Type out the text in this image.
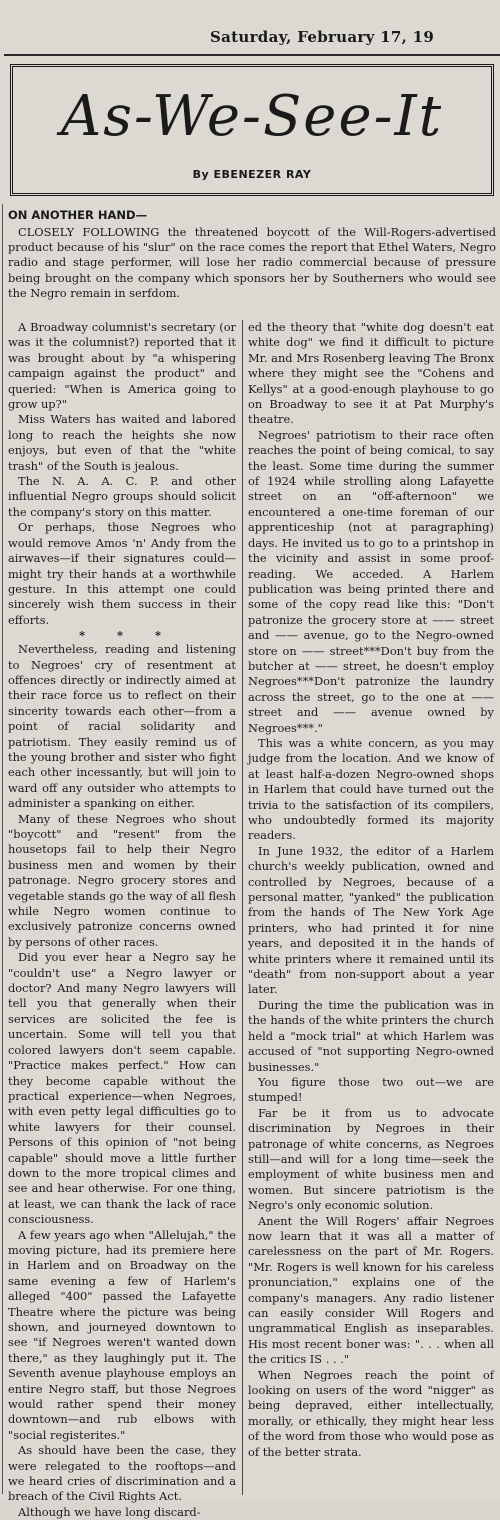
Saturday, February 17, 19
As-We-See-It
By EBENEZER RAY
ON ANOTHER HAND—
CLOSELY FOLLOWING the threatened boycott of the Will-Rogers-advertised product because of his "slur" on the race comes the report that Ethel Waters, Negro radio and stage performer, will lose her radio commercial because of pressure being brought on the company which sponsors her by Southerners who would see the Negro remain in serfdom.

A Broadway columnist's secretary (or was it the columnist?) reported that it was brought about by "a whispering campaign against the product" and queried: "When is America going to grow up?"

Miss Waters has waited and labored long to reach the heights she now enjoys, but even of that the "white trash" of the South is jealous.

The N. A. A. C. P. and other influential Negro groups should solicit the company's story on this matter.

Or perhaps, those Negroes who would remove Amos 'n' Andy from the airwaves—if their signatures could—might try their hands at a worthwhile gesture. In this attempt one could sincerely wish them success in their efforts.

* * *

Nevertheless, reading and listening to Negroes' cry of resentment at offences directly or indirectly aimed at their race force us to reflect on their sincerity towards each other—from a point of racial solidarity and patriotism. They easily remind us of the young brother and sister who fight each other incessantly, but will join to ward off any outsider who attempts to administer a spanking on either.

Many of these Negroes who shout "boycott" and "resent" from the housetops fail to help their Negro business men and women by their patronage. Negro grocery stores and vegetable stands go the way of all flesh while Negro women continue to exclusively patronize concerns owned by persons of other races.

Did you ever hear a Negro say he "couldn't use" a Negro lawyer or doctor? And many Negro lawyers will tell you that generally when their services are solicited the fee is uncertain. Some will tell you that colored lawyers don't seem capable. "Practice makes perfect." How can they become capable without the practical experience—when Negroes, with even petty legal difficulties go to white lawyers for their counsel. Persons of this opinion of "not being capable" should move a little further down to the more tropical climes and see and hear otherwise. For one thing, at least, we can thank the lack of race consciousness.

A few years ago when "Allelujah," the moving picture, had its premiere here in Harlem and on Broadway on the same evening a few of Harlem's alleged "400" passed the Lafayette Theatre where the picture was being shown, and journeyed downtown to see "if Negroes weren't wanted down there," as they laughingly put it. The Seventh avenue playhouse employs an entire Negro staff, but those Negroes would rather spend their money downtown—and rub elbows with "social registerites."

As should have been the case, they were relegated to the rooftops—and we heard cries of discrimination and a breach of the Civil Rights Act.

Although we have long discard-

ed the theory that "white dog doesn't eat white dog" we find it difficult to picture Mr. and Mrs Rosenberg leaving The Bronx where they might see the "Cohens and Kellys" at a good-enough playhouse to go on Broadway to see it at Pat Murphy's theatre.

Negroes' patriotism to their race often reaches the point of being comical, to say the least. Some time during the summer of 1924 while strolling along Lafayette street on an "off-afternoon" we encountered a one-time foreman of our apprenticeship (not at paragraphing) days. He invited us to go to a printshop in the vicinity and assist in some proof-reading. We acceded. A Harlem publication was being printed there and some of the copy read like this: "Don't patronize the grocery store at —— street and —— avenue, go to the Negro-owned store on —— street***Don't buy from the butcher at —— street, he doesn't employ Negroes***Don't patronize the laundry across the street, go to the one at —— street and —— avenue owned by Negroes***."

This was a white concern, as you may judge from the location. And we know of at least half-a-dozen Negro-owned shops in Harlem that could have turned out the trivia to the satisfaction of its compilers, who undoubtedly formed its majority readers.

In June 1932, the editor of a Harlem church's weekly publication, owned and controlled by Negroes, because of a personal matter, "yanked" the publication from the hands of The New York Age printers, who had printed it for nine years, and deposited it in the hands of white printers where it remained until its "death" from non-support about a year later.

During the time the publication was in the hands of the white printers the church held a "mock trial" at which Harlem was accused of "not supporting Negro-owned businesses."

You figure those two out—we are stumped!

Far be it from us to advocate discrimination by Negroes in their patronage of white concerns, as Negroes still—and will for a long time—seek the employment of white business men and women. But sincere patriotism is the Negro's only economic solution.

Anent the Will Rogers' affair Negroes now learn that it was all a matter of carelessness on the part of Mr. Rogers. "Mr. Rogers is well known for his careless pronunciation," explains one of the company's managers. Any radio listener can easily consider Will Rogers and ungrammatical English as inseparables. His most recent boner was: ". . . when all the critics IS . . ."

When Negroes reach the point of looking on users of the word "nigger" as being depraved, either intellectually, morally, or ethically, they might hear less of the word from those who would pose as of the better strata.
